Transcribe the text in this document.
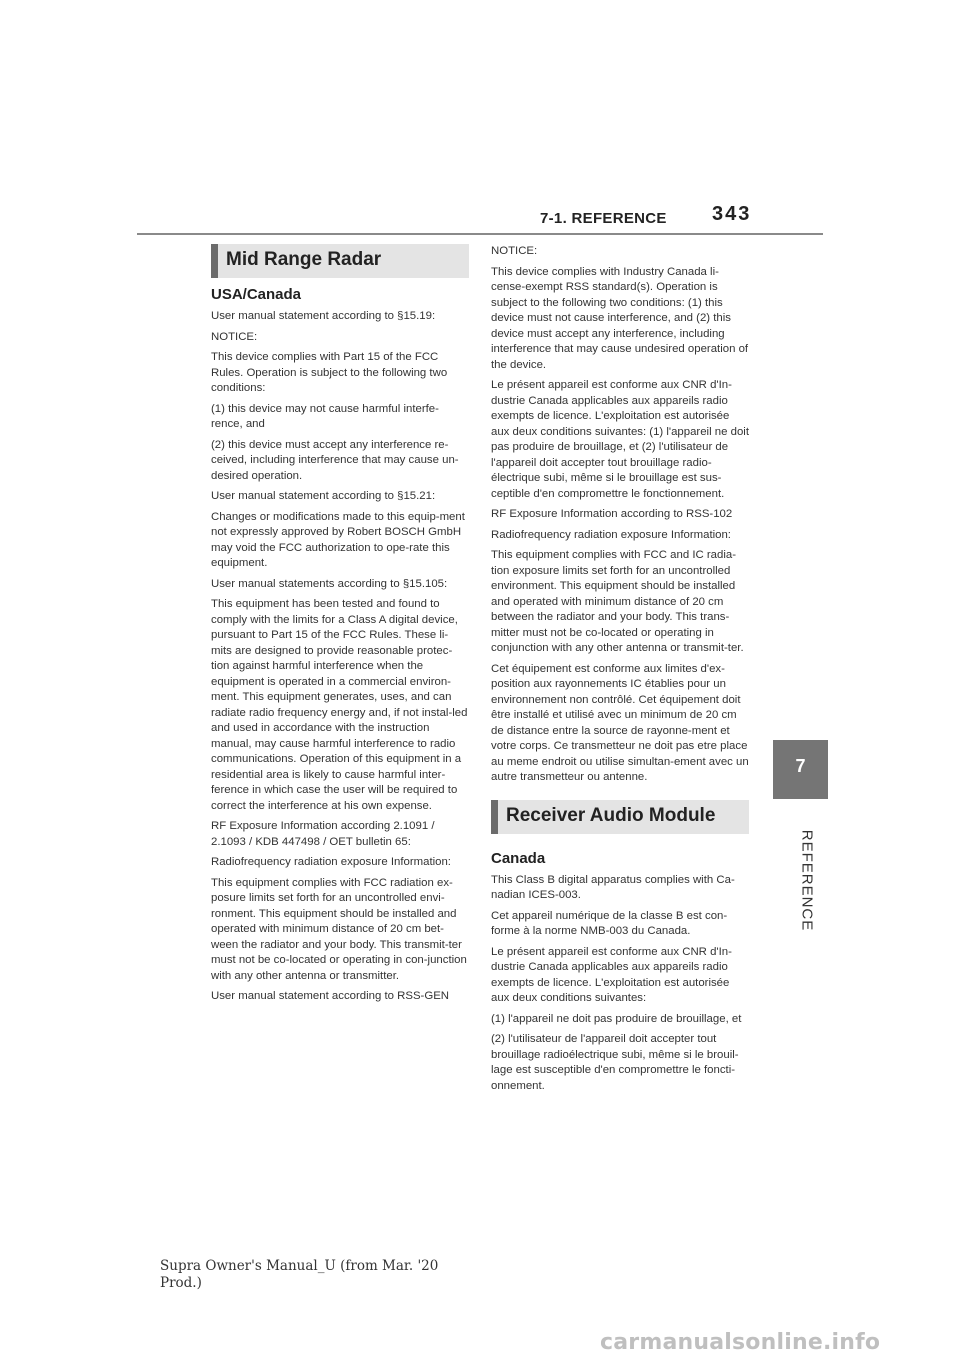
7-1. REFERENCE 343
7
REFERENCE
Mid Range Radar
USA/Canada

User manual statement according to §15.19:

NOTICE:

This device complies with Part 15 of the FCC Rules. Operation is subject to the following two conditions:

(1) this device may not cause harmful interfe-rence, and

(2) this device must accept any interference re-ceived, including interference that may cause un-desired operation.

User manual statement according to §15.21:

Changes or modifications made to this equip-ment not expressly approved by Robert BOSCH GmbH may void the FCC authorization to ope-rate this equipment.

User manual statements according to §15.105:

This equipment has been tested and found to comply with the limits for a Class A digital device, pursuant to Part 15 of the FCC Rules. These li-mits are designed to provide reasonable protec-tion against harmful interference when the equipment is operated in a commercial environ-ment. This equipment generates, uses, and can radiate radio frequency energy and, if not instal-led and used in accordance with the instruction manual, may cause harmful interference to radio communications. Operation of this equipment in a residential area is likely to cause harmful inter-ference in which case the user will be required to correct the interference at his own expense.

RF Exposure Information according 2.1091 / 2.1093 / KDB 447498 / OET bulletin 65:

Radiofrequency radiation exposure Information:

This equipment complies with FCC radiation ex-posure limits set forth for an uncontrolled envi-ronment. This equipment should be installed and operated with minimum distance of 20 cm bet-ween the radiator and your body. This transmit-ter must not be co-located or operating in con-junction with any other antenna or transmitter.

User manual statement according to RSS-GEN

NOTICE:

This device complies with Industry Canada li-cense-exempt RSS standard(s). Operation is subject to the following two conditions: (1) this device must not cause interference, and (2) this device must accept any interference, including interference that may cause undesired operation of the device.

Le présent appareil est conforme aux CNR d'In-dustrie Canada applicables aux appareils radio exempts de licence. L'exploitation est autorisée aux deux conditions suivantes: (1) l'appareil ne doit pas produire de brouillage, et (2) l'utilisateur de l'appareil doit accepter tout brouillage radio-électrique subi, même si le brouillage est sus-ceptible d'en compromettre le fonctionnement.

RF Exposure Information according to RSS-102

Radiofrequency radiation exposure Information:

This equipment complies with FCC and IC radia-tion exposure limits set forth for an uncontrolled environment. This equipment should be installed and operated with minimum distance of 20 cm between the radiator and your body. This trans-mitter must not be co-located or operating in conjunction with any other antenna or transmit-ter.

Cet équipement est conforme aux limites d'ex-position aux rayonnements IC établies pour un environnement non contrôlé. Cet équipement doit être installé et utilisé avec un minimum de 20 cm de distance entre la source de rayonne-ment et votre corps. Ce transmetteur ne doit pas etre place au meme endroit ou utilise simultan-ement avec un autre transmetteur ou antenne.

Receiver Audio Module
Canada

This Class B digital apparatus complies with Ca-nadian ICES-003.

Cet appareil numérique de la classe B est con-forme à la norme NMB-003 du Canada.

Le présent appareil est conforme aux CNR d'In-dustrie Canada applicables aux appareils radio exempts de licence. L'exploitation est autorisée aux deux conditions suivantes:

(1) l'appareil ne doit pas produire de brouillage, et

(2) l'utilisateur de l'appareil doit accepter tout brouillage radioélectrique subi, même si le brouil-lage est susceptible d'en compromettre le foncti-onnement.

Supra Owner's Manual_U (from Mar. '20 Prod.)
carmanualsonline.info
